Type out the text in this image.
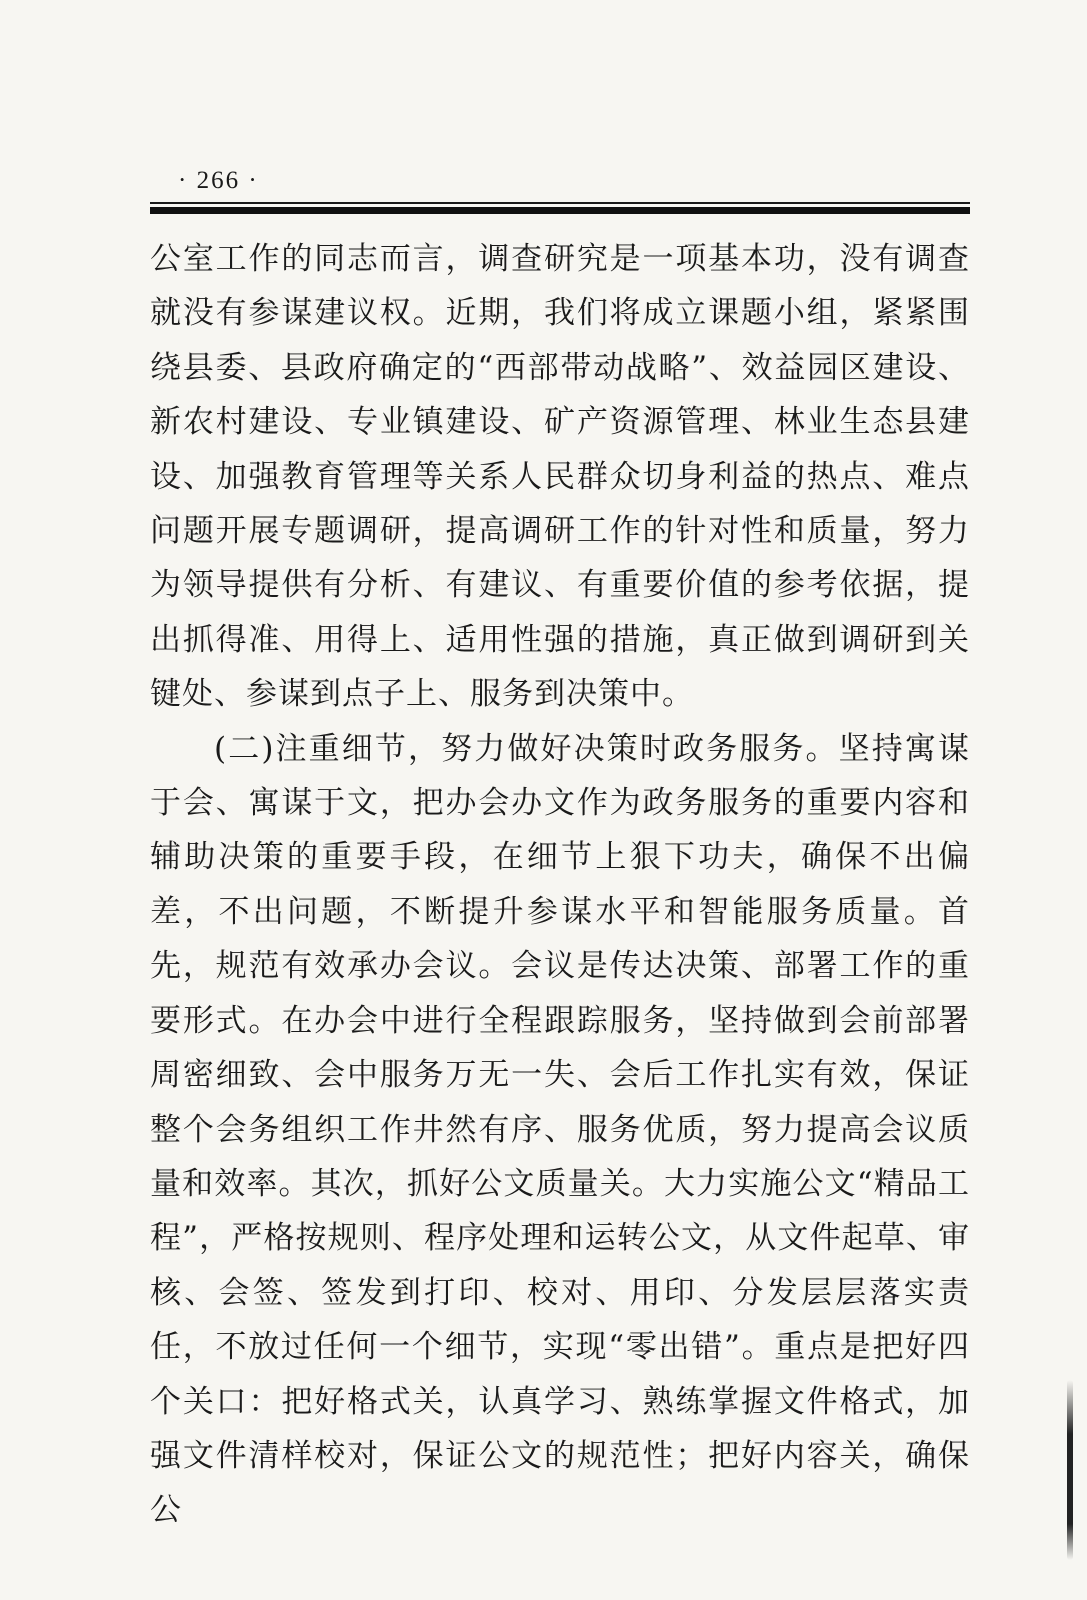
· 266 ·

公室工作的同志而言，调查研究是一项基本功，没有调查就没有参谋建议权。近期，我们将成立课题小组，紧紧围绕县委、县政府确定的“西部带动战略”、效益园区建设、新农村建设、专业镇建设、矿产资源管理、林业生态县建设、加强教育管理等关系人民群众切身利益的热点、难点问题开展专题调研，提高调研工作的针对性和质量，努力为领导提供有分析、有建议、有重要价值的参考依据，提出抓得准、用得上、适用性强的措施，真正做到调研到关键处、参谋到点子上、服务到决策中。

(二)注重细节，努力做好决策时政务服务。坚持寓谋于会、寓谋于文，把办会办文作为政务服务的重要内容和辅助决策的重要手段，在细节上狠下功夫，确保不出偏差，不出问题，不断提升参谋水平和智能服务质量。首先，规范有效承办会议。会议是传达决策、部署工作的重要形式。在办会中进行全程跟踪服务，坚持做到会前部署周密细致、会中服务万无一失、会后工作扎实有效，保证整个会务组织工作井然有序、服务优质，努力提高会议质量和效率。其次，抓好公文质量关。大力实施公文“精品工程”，严格按规则、程序处理和运转公文，从文件起草、审核、会签、签发到打印、校对、用印、分发层层落实责任，不放过任何一个细节，实现“零出错”。重点是把好四个关口：把好格式关，认真学习、熟练掌握文件格式，加强文件清样校对，保证公文的规范性；把好内容关，确保公
